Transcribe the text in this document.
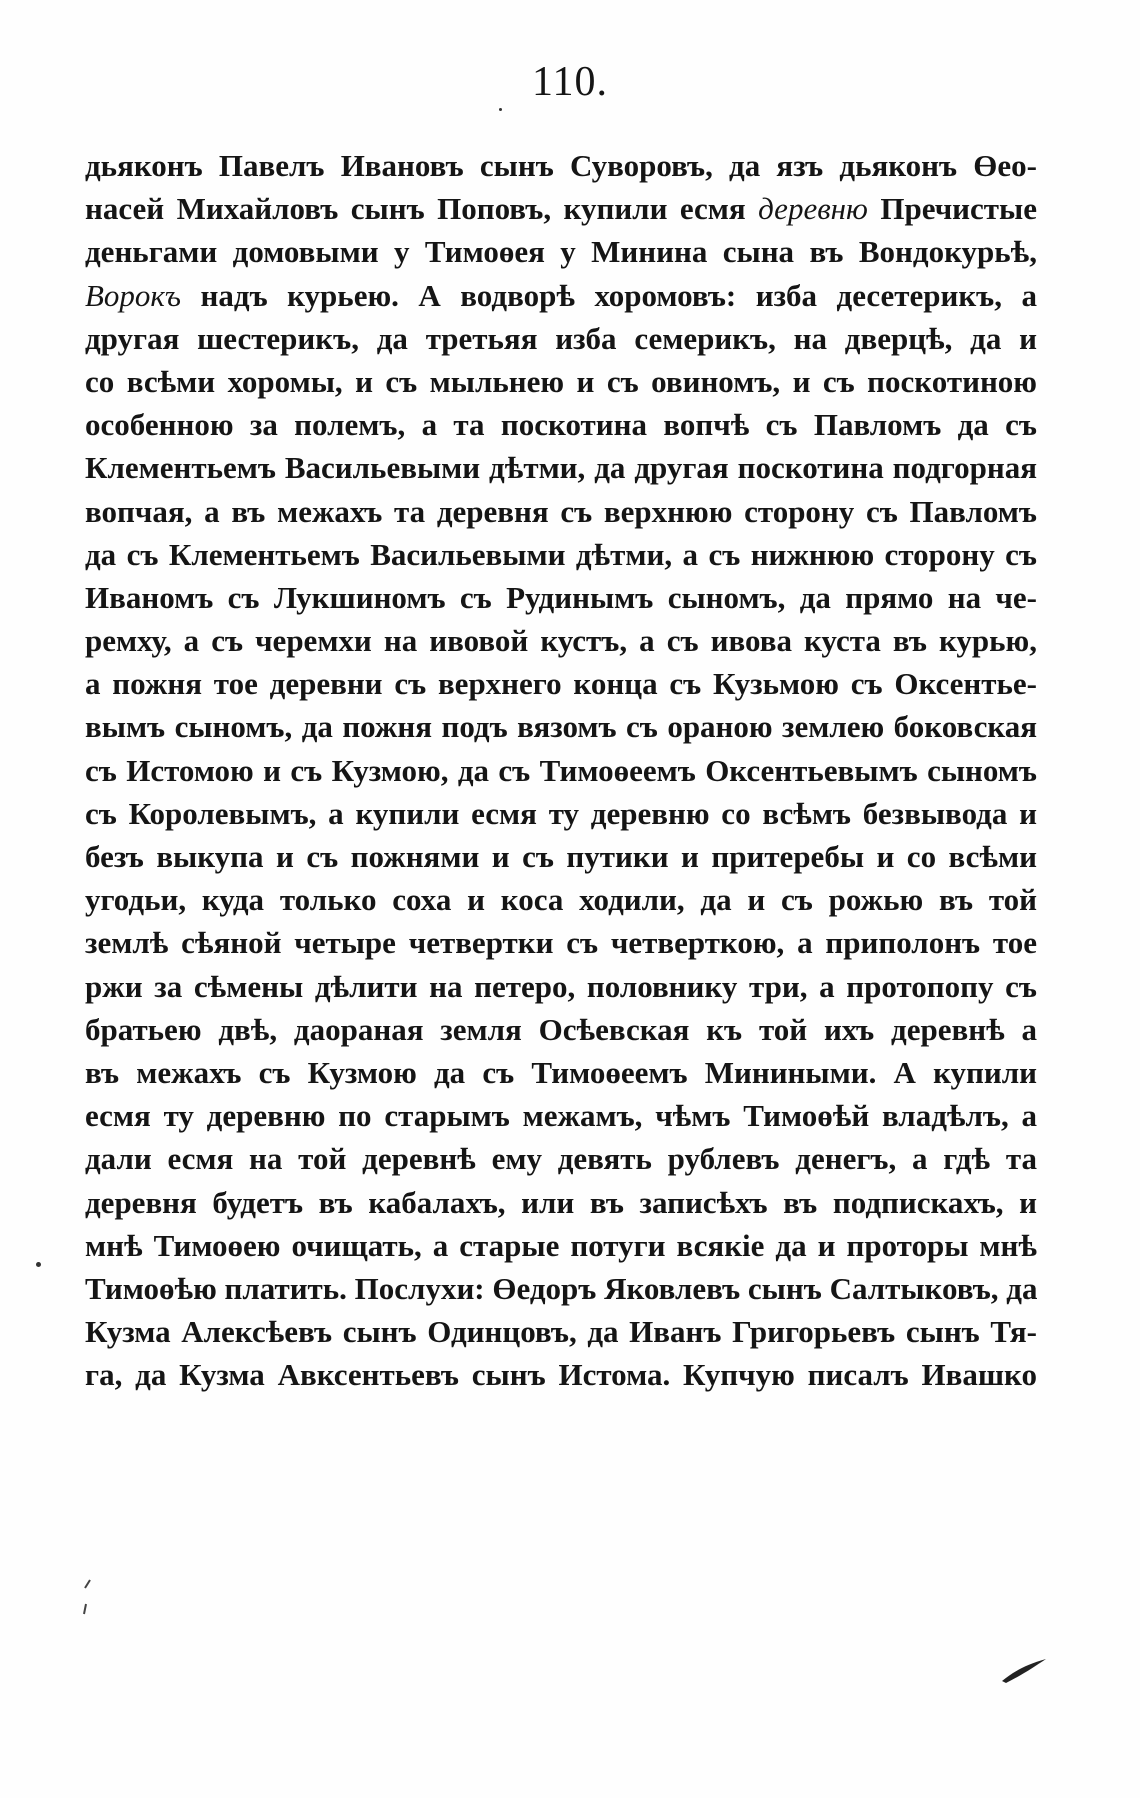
110.
дьяконъ Павелъ Ивановъ сынъ Суворовъ, да язъ дьяконъ Өео-
насей Михайловъ сынъ Поповъ, купили есмя деревню Пречистые
деньгами домовыми у Тимоөея у Минина сына въ Вондокурьѣ,
Ворокъ надъ курьею. А водворѣ хоромовъ: изба десетерикъ, а
другая шестерикъ, да третьяя изба семерикъ, на дверцѣ, да и
со всѣми хоромы, и съ мыльнею и съ овиномъ, и съ поскотиною
особенною за полемъ, а та поскотина вопчѣ съ Павломъ да съ
Клементьемъ Васильевыми дѣтми, да другая поскотина подгорная
вопчая, а въ межахъ та деревня съ верхнюю сторону съ Павломъ
да съ Клементьемъ Васильевыми дѣтми, а съ нижнюю сторону съ
Иваномъ съ Лукшиномъ съ Рудинымъ сыномъ, да прямо на че-
ремху, а съ черемхи на ивовой кустъ, а съ ивова куста въ курью,
а пожня тое деревни съ верхнего конца съ Кузьмою съ Оксентье-
вымъ сыномъ, да пожня подъ вязомъ съ ораною землею боковская
съ Истомою и съ Кузмою, да съ Тимоөеемъ Оксентьевымъ сыномъ
съ Королевымъ, а купили есмя ту деревню со всѣмъ безвывода и
безъ выкупа и съ пожнями и съ путики и притеребы и со всѣми
угодьи, куда только соха и коса ходили, да и съ рожью въ той
землѣ сѣяной четыре четвертки съ четверткою, а приполонъ тое
ржи за сѣмены дѣлити на петеро, половнику три, а протопопу съ
братьею двѣ, даораная земля Осѣевская къ той ихъ деревнѣ а
въ межахъ съ Кузмою да съ Тимоөеемъ Миниными. А купили
есмя ту деревню по старымъ межамъ, чѣмъ Тимоөѣй владѣлъ, а
дали есмя на той деревнѣ ему девять рублевъ денегъ, а гдѣ та
деревня будетъ въ кабалахъ, или въ записѣхъ въ подпискахъ, и
мнѣ Тимоөею очищать, а старые потуги всякіе да и проторы мнѣ
Тимоөѣю платить. Послухи: Өедоръ Яковлевъ сынъ Салтыковъ, да
Кузма Алексѣевъ сынъ Одинцовъ, да Иванъ Григорьевъ сынъ Тя-
га, да Кузма Авксентьевъ сынъ Истома. Купчую писалъ Ивашко
